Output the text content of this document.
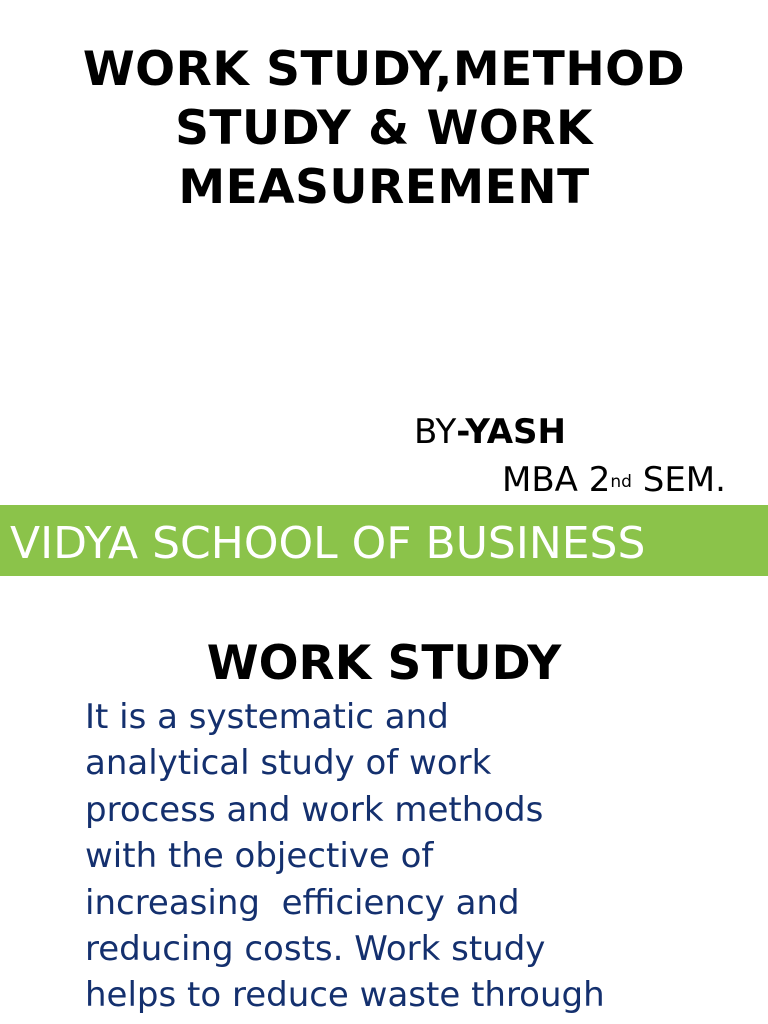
WORK STUDY,METHOD
STUDY & WORK
MEASUREMENT
BY-YASH
MBA 2nd SEM.
VIDYA SCHOOL OF BUSINESS
WORK STUDY

It is a systematic and
analytical study of work
process and work methods
with the objective of
increasing  efficiency and
reducing costs. Work study
helps to reduce waste through
